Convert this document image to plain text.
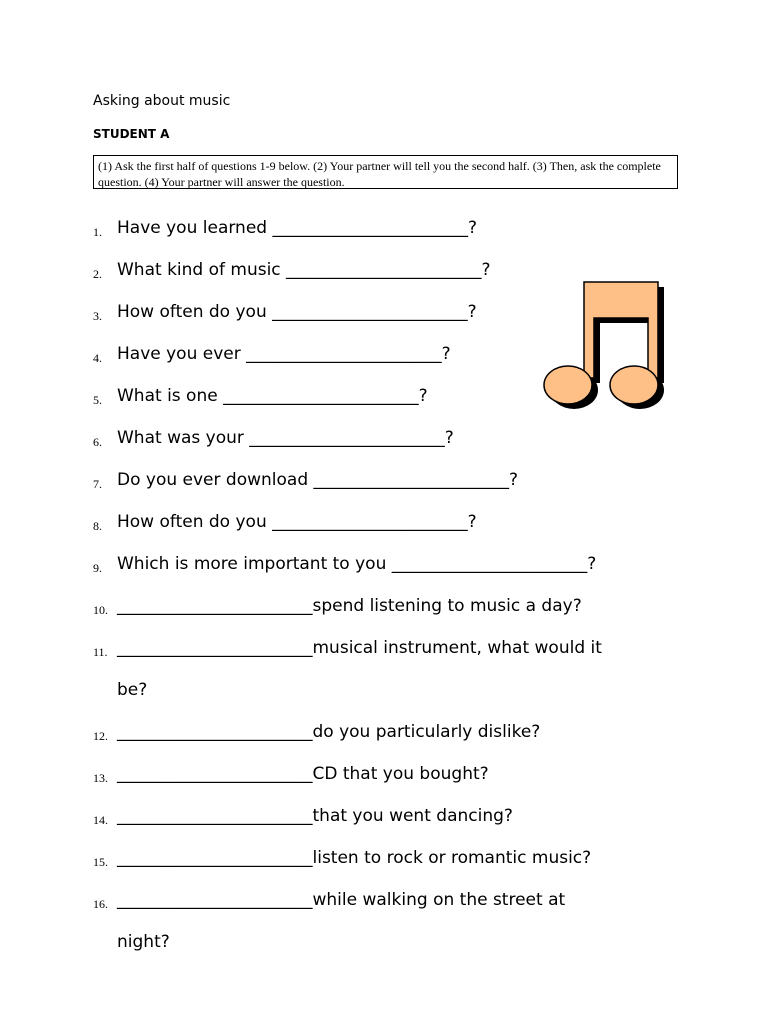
Asking about music
STUDENT A
(1) Ask the first half of questions 1-9 below. (2) Your partner will tell you the second half. (3) Then, ask the complete question. (4) Your partner will answer the question.
1. Have you learned _______________________?
2. What kind of music _______________________?
3. How often do you _______________________?
4. Have you ever _______________________?
5. What is one _______________________?
6. What was your _______________________?
7. Do you ever download _______________________?
8. How often do you _______________________?
9. Which is more important to you _______________________?
10. _______________________spend listening to music a day?
11. _______________________musical instrument, what would it
be?
12. _______________________do you particularly dislike?
13. _______________________CD that you bought?
14. _______________________that you went dancing?
15. _______________________listen to rock or romantic music?
16. _______________________while walking on the street at
night?
